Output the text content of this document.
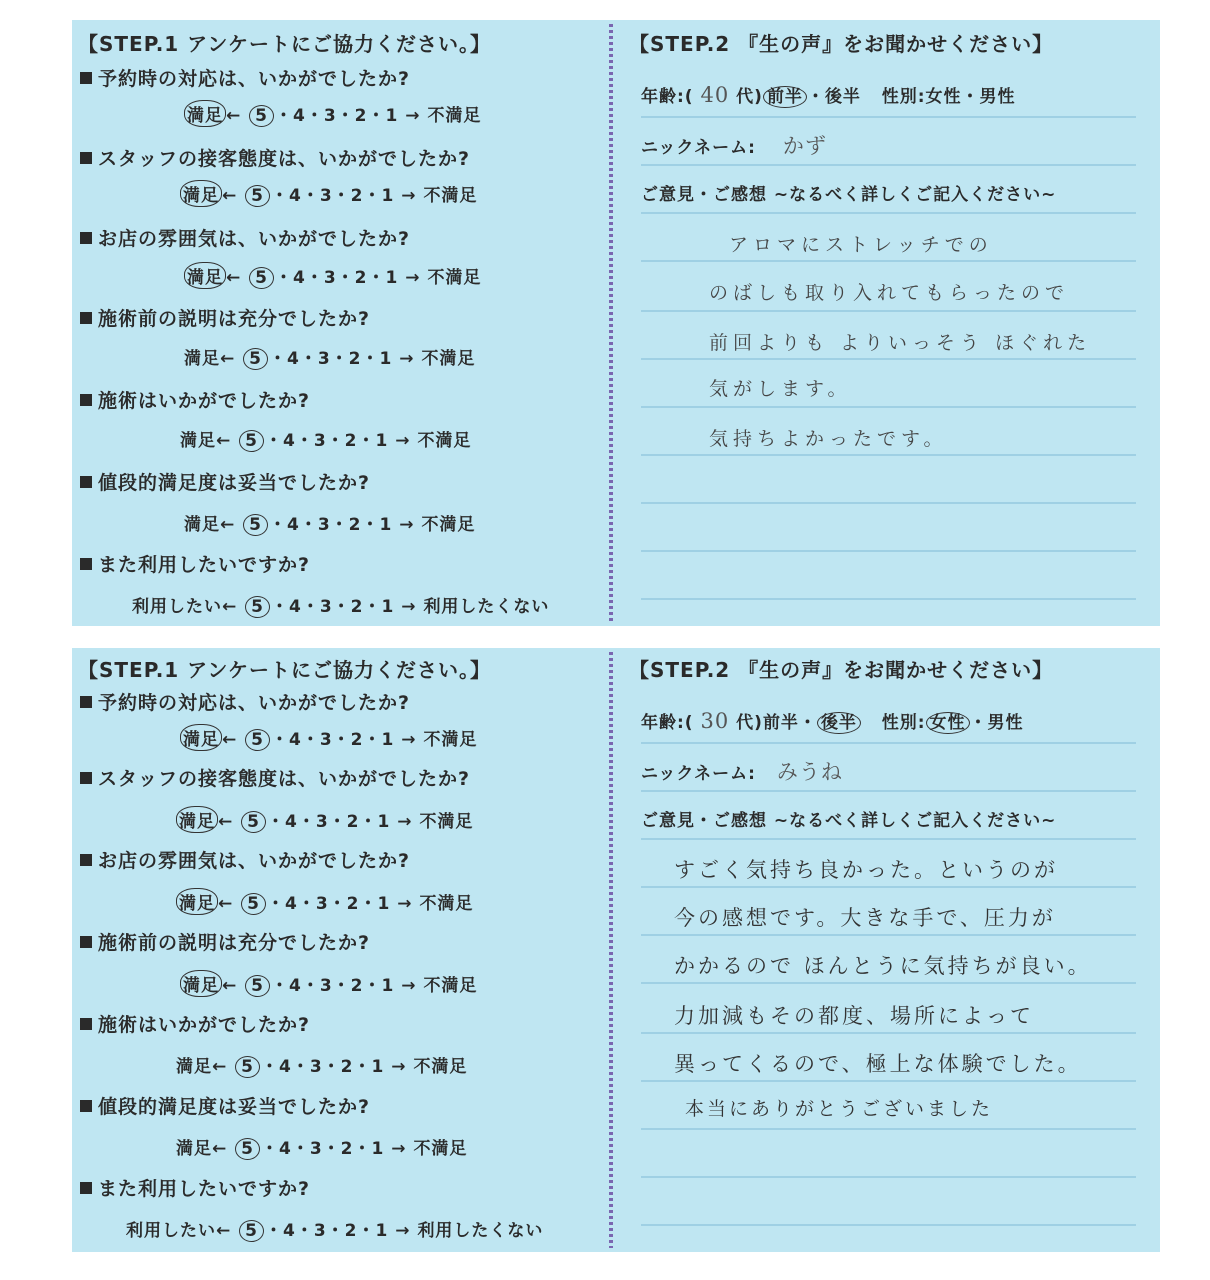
【STEP.1 アンケートにご協力ください。】
予約時の対応は、いかがでしたか?
満足 ← 5 ・4・3・2・1 → 不満足
スタッフの接客態度は、いかがでしたか?
満足 ← 5 ・4・3・2・1 → 不満足
お店の雰囲気は、いかがでしたか?
満足 ← 5 ・4・3・2・1 → 不満足
施術前の説明は充分でしたか?
満足← 5 ・4・3・2・1 → 不満足
施術はいかがでしたか?
満足← 5 ・4・3・2・1 → 不満足
値段的満足度は妥当でしたか?
満足← 5 ・4・3・2・1 → 不満足
また利用したいですか?
利用したい← 5 ・4・3・2・1 → 利用したくない
【STEP.2 『生の声』をお聞かせください】
年齢:( 40 代) 前半 ・後半 性別:女性・男性
ニックネーム: かず
ご意見・ご感想 ~なるべく詳しくご記入ください~
アロマにストレッチでの
のばしも取り入れてもらったので
前回よりも よりいっそう ほぐれた
気がします。
気持ちよかったです。
【STEP.1 アンケートにご協力ください。】
予約時の対応は、いかがでしたか?
満足 ← 5 ・4・3・2・1 → 不満足
スタッフの接客態度は、いかがでしたか?
満足 ← 5 ・4・3・2・1 → 不満足
お店の雰囲気は、いかがでしたか?
満足 ← 5 ・4・3・2・1 → 不満足
施術前の説明は充分でしたか?
満足 ← 5 ・4・3・2・1 → 不満足
施術はいかがでしたか?
満足← 5 ・4・3・2・1 → 不満足
値段的満足度は妥当でしたか?
満足← 5 ・4・3・2・1 → 不満足
また利用したいですか?
利用したい← 5 ・4・3・2・1 → 利用したくない
【STEP.2 『生の声』をお聞かせください】
年齢:( 30 代)前半・ 後半 性別: 女性 ・男性
ニックネーム: みうね
ご意見・ご感想 ~なるべく詳しくご記入ください~
すごく気持ち良かった。というのが
今の感想です。大きな手で、圧力が
かかるので ほんとうに気持ちが良い。
力加減もその都度、場所によって
異ってくるので、極上な体験でした。
本当にありがとうございました
